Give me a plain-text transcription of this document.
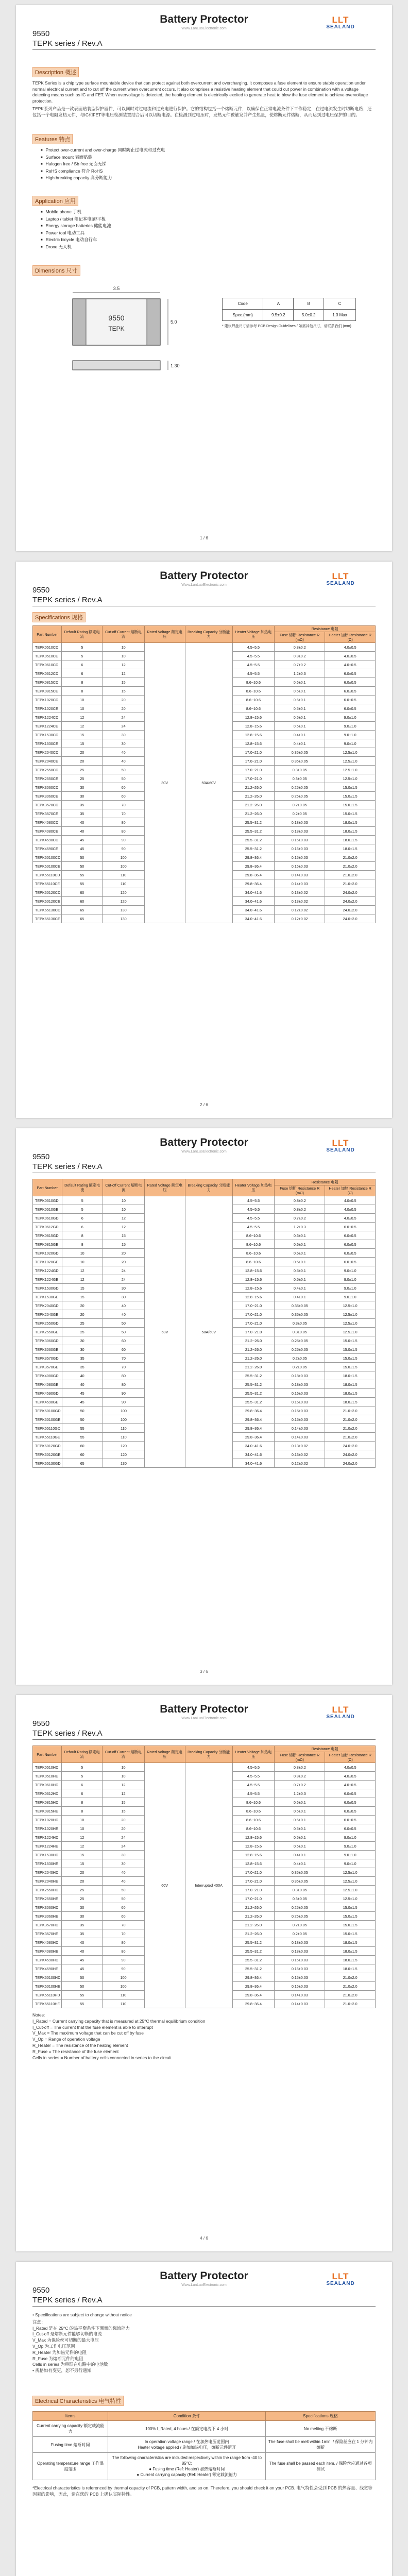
Battery Protector
Www.LanLuoElectronic.com
LLT
SEALAND
9550
TEPK series / Rev.A
Description 概述

TEPK Series is a chip type surface mountable device that can protect against both overcurrent and overcharging. It composes a fuse element to ensure stable operation under normal electrical current and to cut off the current when overcurrent occurs. It also comprises a resistive heating element that could cut power in combination with a voltage detecting means such as IC and FET. When overvoltage is detected, the heating element is electrically excited to generate heat to blow the fuse element to achieve overvoltage protection.

TEPK系列产品是一款表面贴装型保护器件，可以同时对过电流和过充电进行保护。它的结构包括一个熔断元件，以确保在正常电流条件下工作稳定，在过电流发生时切断电路；还包括一个电阻发热元件，与IC和FET等电压检测装置结合后可以切断电源。在检测到过电压时，发热元件被触发并产生热量，使熔断元件熔断，从而达到过电压保护的目的。

Features 特点
■ Protect over-current and over-charge 同时防止过电流和过充电
■ Surface mount 表面贴装
■ Halogen free / Sb free 无卤无锑
■ RoHS compliance 符合 RoHS
■ High breaking capacity 高分断能力
Application 应用
■ Mobile phone 手机
■ Laptop / tablet 笔记本电脑/平板
■ Energy storage batteries 储能电池
■ Power tool 电动工具
■ Electric bicycle 电动自行车
■ Drone 无人机
Dimensions 尺寸
9550
TEPK
3.5
5.0
1.30
Code	A	B	C
Spec.(mm)	9.5±0.2	5.0±0.2	1.3 Max

* 建议焊盘尺寸请参考 PCB Design Guidelines / 如需其他尺寸，请联系我们 (mm)

1 / 6
Battery Protector
Www.LanLuoElectronic.com
LLT
SEALAND
9550
TEPK series / Rev.A
Specifications 规格
Part Number	Default Rating 额定电流	Cut-off Current 熔断电流	Rated Voltage 额定电压	Breaking Capacity 分断能力	Heater Voltage 加热电压	Resistance 电阻	
						Fuse 熔断 Resistance R (mΩ)	Heater 加热 Resistance R (Ω)
TEPK0510CD	5	10	30V	50A/60V	4.5~5.5	0.8±0.2	4.0±0.5
TEPK0510CE	5	10			4.5~5.5	0.8±0.2	4.0±0.5
TEPK0610CD	6	12			4.5~5.5	0.7±0.2	4.0±0.5
TEPK0612CD	6	12			4.5~5.5	1.2±0.3	6.0±0.5
TEPK0815CD	8	15			8.6~10.6	0.6±0.1	6.0±0.5
TEPK0815CE	8	15			8.6~10.6	0.6±0.1	6.0±0.5
TEPK1020CD	10	20			8.6~10.6	0.6±0.1	6.0±0.5
TEPK1020CE	10	20			8.6~10.6	0.5±0.1	6.0±0.5
TEPK1224CD	12	24			12.8~15.6	0.5±0.1	9.0±1.0
TEPK1224CE	12	24			12.8~15.6	0.5±0.1	9.0±1.0
TEPK1530CD	15	30			12.8~15.6	0.4±0.1	9.0±1.0
TEPK1530CE	15	30			12.8~15.6	0.4±0.1	9.0±1.0
TEPK2040CD	20	40			17.0~21.0	0.35±0.05	12.5±1.0
TEPK2040CE	20	40			17.0~21.0	0.35±0.05	12.5±1.0
TEPK2550CD	25	50			17.0~21.0	0.3±0.05	12.5±1.0
TEPK2550CE	25	50			17.0~21.0	0.3±0.05	12.5±1.0
TEPK3060CD	30	60			21.2~26.0	0.25±0.05	15.0±1.5
TEPK3060CE	30	60			21.2~26.0	0.25±0.05	15.0±1.5
TEPK3570CD	35	70			21.2~26.0	0.2±0.05	15.0±1.5
TEPK3570CE	35	70			21.2~26.0	0.2±0.05	15.0±1.5
TEPK4080CD	40	80			25.5~31.2	0.18±0.03	18.0±1.5
TEPK4080CE	40	80			25.5~31.2	0.18±0.03	18.0±1.5
TEPK4590CD	45	90			25.5~31.2	0.16±0.03	18.0±1.5
TEPK4590CE	45	90			25.5~31.2	0.16±0.03	18.0±1.5
TEPK50100CD	50	100			29.8~36.4	0.15±0.03	21.0±2.0
TEPK50100CE	50	100			29.8~36.4	0.15±0.03	21.0±2.0
TEPK55110CD	55	110			29.8~36.4	0.14±0.03	21.0±2.0
TEPK55110CE	55	110			29.8~36.4	0.14±0.03	21.0±2.0
TEPK60120CD	60	120			34.0~41.6	0.13±0.02	24.0±2.0
TEPK60120CE	60	120			34.0~41.6	0.13±0.02	24.0±2.0
TEPK65130CD	65	130			34.0~41.6	0.12±0.02	24.0±2.0
TEPK65130CE	65	130			34.0~41.6	0.12±0.02	24.0±2.0
2 / 6
Battery Protector
Www.LanLuoElectronic.com
LLT
SEALAND
9550
TEPK series / Rev.A
Part Number	Default Rating 额定电流	Cut-off Current 熔断电流	Rated Voltage 额定电压	Breaking Capacity 分断能力	Heater Voltage 加热电压	Resistance 电阻	
						Fuse 熔断 Resistance R (mΩ)	Heater 加热 Resistance R (Ω)
TEPK0510GD	5	10	60V	50A/60V	4.5~5.5	0.8±0.2	4.0±0.5
TEPK0510GE	5	10			4.5~5.5	0.8±0.2	4.0±0.5
TEPK0610GD	6	12			4.5~5.5	0.7±0.2	4.0±0.5
TEPK0612GD	6	12			4.5~5.5	1.2±0.3	6.0±0.5
TEPK0815GD	8	15			8.6~10.6	0.6±0.1	6.0±0.5
TEPK0815GE	8	15			8.6~10.6	0.6±0.1	6.0±0.5
TEPK1020GD	10	20			8.6~10.6	0.6±0.1	6.0±0.5
TEPK1020GE	10	20			8.6~10.6	0.5±0.1	6.0±0.5
TEPK1224GD	12	24			12.8~15.6	0.5±0.1	9.0±1.0
TEPK1224GE	12	24			12.8~15.6	0.5±0.1	9.0±1.0
TEPK1530GD	15	30			12.8~15.6	0.4±0.1	9.0±1.0
TEPK1530GE	15	30			12.8~15.6	0.4±0.1	9.0±1.0
TEPK2040GD	20	40			17.0~21.0	0.35±0.05	12.5±1.0
TEPK2040GE	20	40			17.0~21.0	0.35±0.05	12.5±1.0
TEPK2550GD	25	50			17.0~21.0	0.3±0.05	12.5±1.0
TEPK2550GE	25	50			17.0~21.0	0.3±0.05	12.5±1.0
TEPK3060GD	30	60			21.2~26.0	0.25±0.05	15.0±1.5
TEPK3060GE	30	60			21.2~26.0	0.25±0.05	15.0±1.5
TEPK3570GD	35	70			21.2~26.0	0.2±0.05	15.0±1.5
TEPK3570GE	35	70			21.2~26.0	0.2±0.05	15.0±1.5
TEPK4080GD	40	80			25.5~31.2	0.18±0.03	18.0±1.5
TEPK4080GE	40	80			25.5~31.2	0.18±0.03	18.0±1.5
TEPK4590GD	45	90			25.5~31.2	0.16±0.03	18.0±1.5
TEPK4590GE	45	90			25.5~31.2	0.16±0.03	18.0±1.5
TEPK50100GD	50	100			29.8~36.4	0.15±0.03	21.0±2.0
TEPK50100GE	50	100			29.8~36.4	0.15±0.03	21.0±2.0
TEPK55110GD	55	110			29.8~36.4	0.14±0.03	21.0±2.0
TEPK55110GE	55	110			29.8~36.4	0.14±0.03	21.0±2.0
TEPK60120GD	60	120			34.0~41.6	0.13±0.02	24.0±2.0
TEPK60120GE	60	120			34.0~41.6	0.13±0.02	24.0±2.0
TEPK65130GD	65	130			34.0~41.6	0.12±0.02	24.0±2.0
3 / 6
Battery Protector
Www.LanLuoElectronic.com
LLT
SEALAND
9550
TEPK series / Rev.A
Part Number	Default Rating 额定电流	Cut-off Current 熔断电流	Rated Voltage 额定电压	Breaking Capacity 分断能力	Heater Voltage 加热电压	Resistance 电阻	
						Fuse 熔断 Resistance R (mΩ)	Heater 加热 Resistance R (Ω)
TEPK0510HD	5	10	60V	Interrupted 400A	4.5~5.5	0.8±0.2	4.0±0.5
TEPK0510HE	5	10			4.5~5.5	0.8±0.2	4.0±0.5
TEPK0610HD	6	12			4.5~5.5	0.7±0.2	4.0±0.5
TEPK0612HD	6	12			4.5~5.5	1.2±0.3	6.0±0.5
TEPK0815HD	8	15			8.6~10.6	0.6±0.1	6.0±0.5
TEPK0815HE	8	15			8.6~10.6	0.6±0.1	6.0±0.5
TEPK1020HD	10	20			8.6~10.6	0.6±0.1	6.0±0.5
TEPK1020HE	10	20			8.6~10.6	0.5±0.1	6.0±0.5
TEPK1224HD	12	24			12.8~15.6	0.5±0.1	9.0±1.0
TEPK1224HE	12	24			12.8~15.6	0.5±0.1	9.0±1.0
TEPK1530HD	15	30			12.8~15.6	0.4±0.1	9.0±1.0
TEPK1530HE	15	30			12.8~15.6	0.4±0.1	9.0±1.0
TEPK2040HD	20	40			17.0~21.0	0.35±0.05	12.5±1.0
TEPK2040HE	20	40			17.0~21.0	0.35±0.05	12.5±1.0
TEPK2550HD	25	50			17.0~21.0	0.3±0.05	12.5±1.0
TEPK2550HE	25	50			17.0~21.0	0.3±0.05	12.5±1.0
TEPK3060HD	30	60			21.2~26.0	0.25±0.05	15.0±1.5
TEPK3060HE	30	60			21.2~26.0	0.25±0.05	15.0±1.5
TEPK3570HD	35	70			21.2~26.0	0.2±0.05	15.0±1.5
TEPK3570HE	35	70			21.2~26.0	0.2±0.05	15.0±1.5
TEPK4080HD	40	80			25.5~31.2	0.18±0.03	18.0±1.5
TEPK4080HE	40	80			25.5~31.2	0.18±0.03	18.0±1.5
TEPK4590HD	45	90			25.5~31.2	0.16±0.03	18.0±1.5
TEPK4590HE	45	90			25.5~31.2	0.16±0.03	18.0±1.5
TEPK50100HD	50	100			29.8~36.4	0.15±0.03	21.0±2.0
TEPK50100HE	50	100			29.8~36.4	0.15±0.03	21.0±2.0
TEPK55110HD	55	110			29.8~36.4	0.14±0.03	21.0±2.0
TEPK55110HE	55	110			29.8~36.4	0.14±0.03	21.0±2.0
Notes:
I_Rated = Current carrying capacity that is measured at 25°C thermal equilibrium condition
I_Cut-off = The current that the fuse element is able to interrupt
V_Max = The maximum voltage that can be cut off by fuse
V_Op = Range of operation voltage
R_Heater = The resistance of the heating element
R_Fuse = The resistance of the fuse element
Cells in series = Number of battery cells connected in series to the circuit
4 / 6
Battery Protector
Www.LanLuoElectronic.com
LLT
SEALAND
9550
TEPK series / Rev.A
• Specifications are subject to change without notice
注意：
I_Rated 是在 25°C 的热平衡条件下测量的载流能力
I_Cut-off 是熔断元件能够切断的电流
V_Max 为保险丝可切断的最大电压
V_Op 为工作电压范围
R_Heater 为加热元件的电阻
R_Fuse 为熔断元件的电阻
Cells in series 为串联在电路中的电池数
• 规格如有变更，恕不另行通知
Electrical Characteristics 电气特性
Items	Condition 条件	Specifications 规格
Current carrying capacity 额定载流能力	100% I_Rated, 4 hours / 在额定电流下 4 小时	No melting 不熔断
Fusing time 熔断时间	In operation voltage range / 在加热电压范围内
Heater voltage applied / 施加加热电压，熔断元件断开	The fuse shall be melt within 1min. / 保险丝应在 1 分钟内熔断
Operating temperature range 工作温度范围	The following characteristics are included respectively within the range from -40 to 85°C:
● Fusing time (Ref: Heater) 加热熔断时间
● Current carrying capacity (Ref: Heater) 额定载流能力	The fuse shall be passed each item. / 保险丝应通过各项测试

*Electrical characteristics is referenced by thermal capacity of PCB, pattern width, and so on. Therefore, you should check it on your PCB. 电气特性会受到 PCB 的热容量、线宽等因素的影响，因此，请在您的 PCB 上确认实际特性。
